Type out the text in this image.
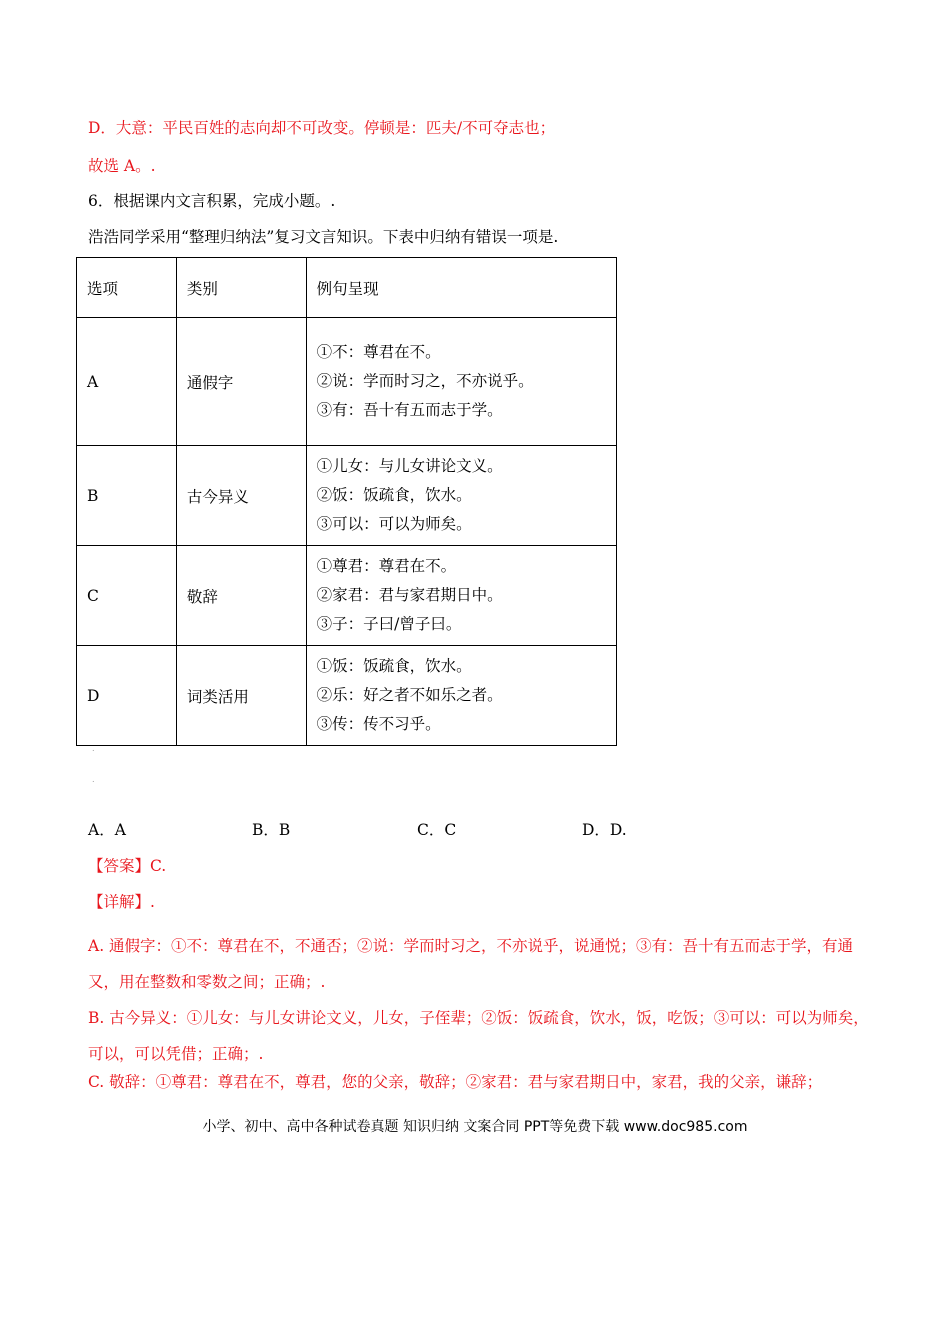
D．大意：平民百姓的志向却不可改变。停顿是：匹夫/不可夺志也；
故选 A。.
6．根据课内文言积累，完成小题。.
浩浩同学采用“整理归纳法”复习文言知识。下表中归纳有错误一项是.
选项	类别	例句呈现
A	通假字	①不：尊君在不。
②说：学而时习之，不亦说乎。
③有：吾十有五而志于学。

B	古今异义	①儿女：与儿女讲论文义。
②饭：饭疏食，饮水。
③可以：可以为师矣。

C	敬辞	①尊君：尊君在不。
②家君：君与家君期日中。
③子：子曰/曾子曰。

D	词类活用	①饭：饭疏食，饮水。
②乐：好之者不如乐之者。
③传：传不习乎。
.
.
A．A	B．B	C．C	D．D.
【答案】C.
【详解】.
A. 通假字：①不：尊君在不，不通否；②说：学而时习之，不亦说乎，说通悦；③有：吾十有五而志于学，有通又，用在整数和零数之间；正确；.
B. 古今异义：①儿女：与儿女讲论文义，儿女，子侄辈；②饭：饭疏食，饮水，饭，吃饭；③可以：可以为师矣，可以，可以凭借；正确；.
C. 敬辞：①尊君：尊君在不，尊君，您的父亲，敬辞；②家君：君与家君期日中，家君，我的父亲，谦辞；
小学、初中、高中各种试卷真题 知识归纳 文案合同 PPT等免费下载 www.doc985.com
